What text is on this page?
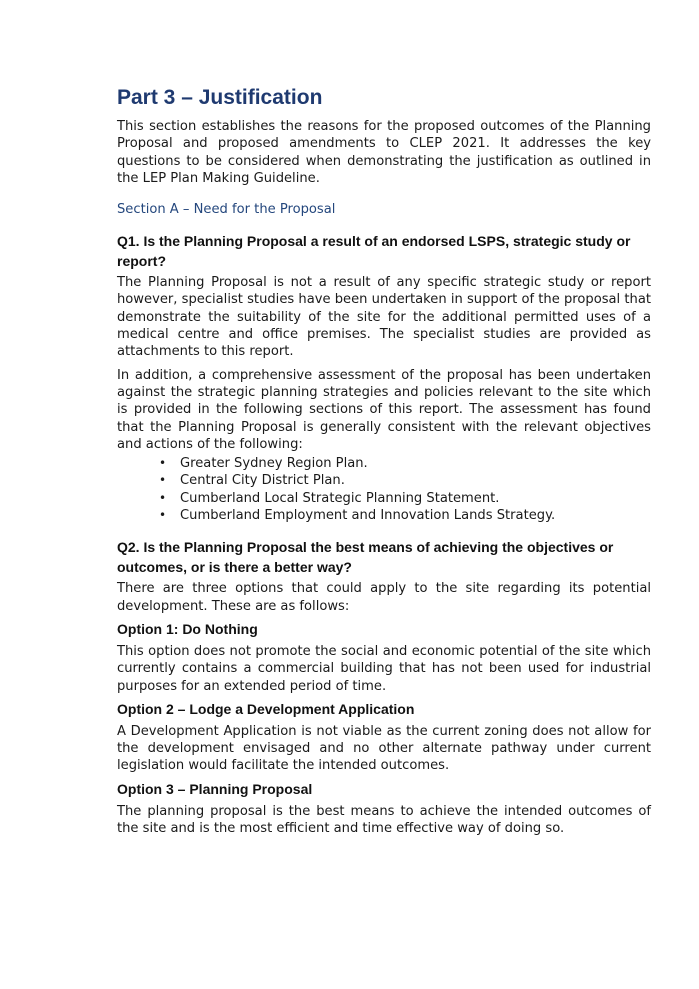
Part 3 – Justification

This section establishes the reasons for the proposed outcomes of the Planning Proposal and proposed amendments to CLEP 2021. It addresses the key questions to be considered when demonstrating the justification as outlined in the LEP Plan Making Guideline.

Section A – Need for the Proposal
Q1. Is the Planning Proposal a result of an endorsed LSPS, strategic study or report?

The Planning Proposal is not a result of any specific strategic study or report however, specialist studies have been undertaken in support of the proposal that demonstrate the suitability of the site for the additional permitted uses of a medical centre and office premises. The specialist studies are provided as attachments to this report.

In addition, a comprehensive assessment of the proposal has been undertaken against the strategic planning strategies and policies relevant to the site which is provided in the following sections of this report. The assessment has found that the Planning Proposal is generally consistent with the relevant objectives and actions of the following:

• Greater Sydney Region Plan.
• Central City District Plan.
• Cumberland Local Strategic Planning Statement.
• Cumberland Employment and Innovation Lands Strategy.
Q2. Is the Planning Proposal the best means of achieving the objectives or outcomes, or is there a better way?

There are three options that could apply to the site regarding its potential development. These are as follows:

Option 1: Do Nothing

This option does not promote the social and economic potential of the site which currently contains a commercial building that has not been used for industrial purposes for an extended period of time.

Option 2 – Lodge a Development Application

A Development Application is not viable as the current zoning does not allow for the development envisaged and no other alternate pathway under current legislation would facilitate the intended outcomes.

Option 3 – Planning Proposal

The planning proposal is the best means to achieve the intended outcomes of the site and is the most efficient and time effective way of doing so.
